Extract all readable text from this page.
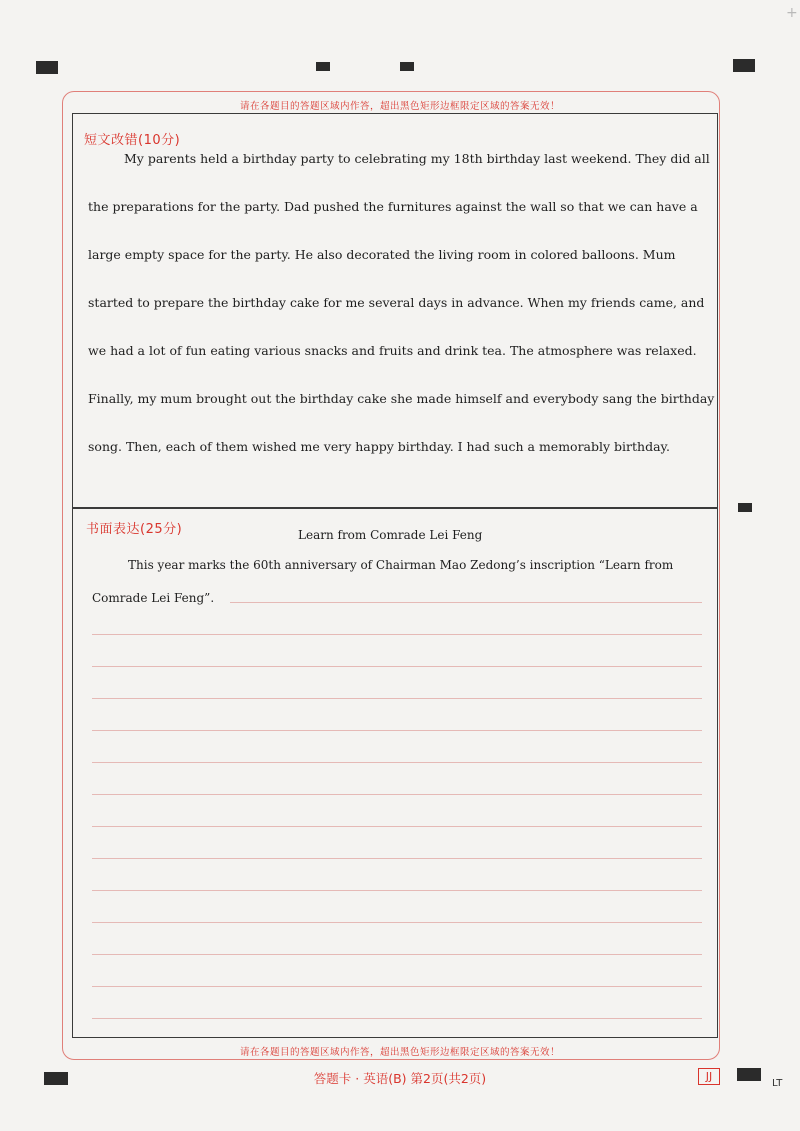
+
请在各题目的答题区域内作答，超出黑色矩形边框限定区域的答案无效！
短文改错(10分)
My parents held a birthday party to celebrating my 18th birthday last weekend. They did all
the preparations for the party. Dad pushed the furnitures against the wall so that we can have a
large empty space for the party. He also decorated the living room in colored balloons. Mum
started to prepare the birthday cake for me several days in advance. When my friends came, and
we had a lot of fun eating various snacks and fruits and drink tea. The atmosphere was relaxed.
Finally, my mum brought out the birthday cake she made himself and everybody sang the birthday
song. Then, each of them wished me very happy birthday. I had such a memorably birthday.
书面表达(25分)	Learn from Comrade Lei Feng
This year marks the 60th anniversary of Chairman Mao Zedong’s inscription “Learn from
Comrade Lei Feng”.
请在各题目的答题区域内作答，超出黑色矩形边框限定区域的答案无效！
答题卡 · 英语(B) 第2页(共2页)	JJ
LT
